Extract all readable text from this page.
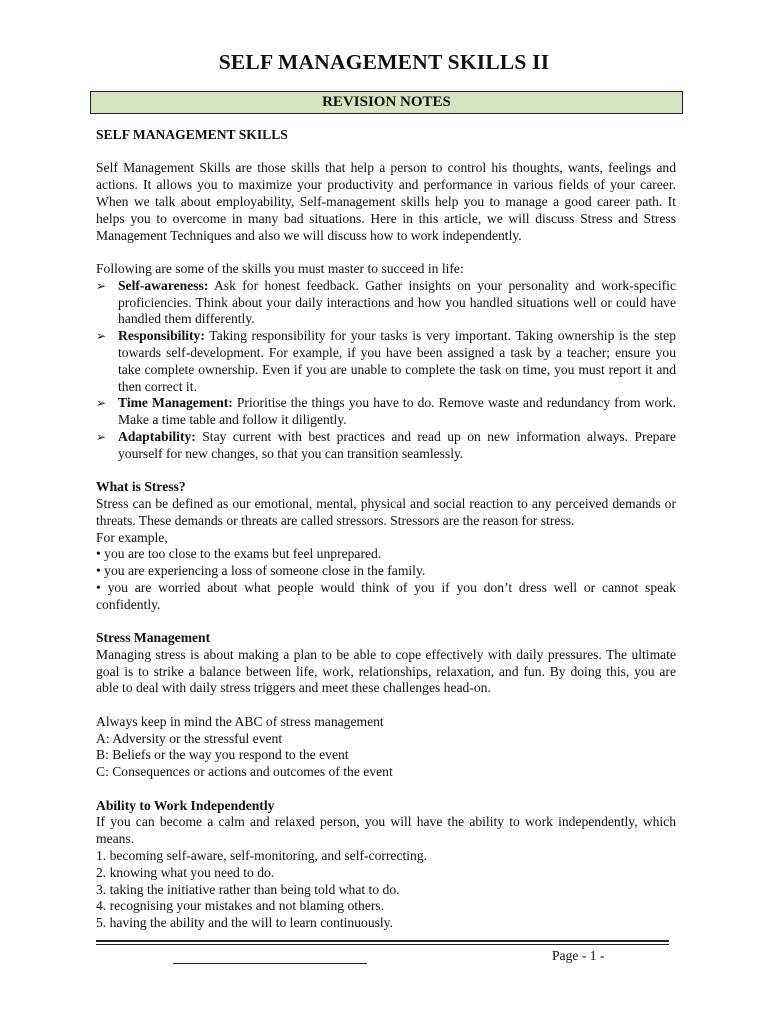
SELF MANAGEMENT SKILLS II
REVISION NOTES

SELF MANAGEMENT SKILLS

Self Management Skills are those skills that help a person to control his thoughts, wants, feelings and actions. It allows you to maximize your productivity and performance in various fields of your career. When we talk about employability, Self-management skills help you to manage a good career path. It helps you to overcome in many bad situations. Here in this article, we will discuss Stress and Stress Management Techniques and also we will discuss how to work independently.

Following are some of the skills you must master to succeed in life:

➢ Self-awareness: Ask for honest feedback. Gather insights on your personality and work-specific proficiencies. Think about your daily interactions and how you handled situations well or could have handled them differently.
➢ Responsibility: Taking responsibility for your tasks is very important. Taking ownership is the step towards self-development. For example, if you have been assigned a task by a teacher; ensure you take complete ownership. Even if you are unable to complete the task on time, you must report it and then correct it.
➢ Time Management: Prioritise the things you have to do. Remove waste and redundancy from work. Make a time table and follow it diligently.
➢ Adaptability: Stay current with best practices and read up on new information always. Prepare yourself for new changes, so that you can transition seamlessly.

What is Stress?

Stress can be defined as our emotional, mental, physical and social reaction to any perceived demands or threats. These demands or threats are called stressors. Stressors are the reason for stress.

For example,

• you are too close to the exams but feel unprepared.

• you are experiencing a loss of someone close in the family.

• you are worried about what people would think of you if you don’t dress well or cannot speak confidently.

Stress Management

Managing stress is about making a plan to be able to cope effectively with daily pressures. The ultimate goal is to strike a balance between life, work, relationships, relaxation, and fun. By doing this, you are able to deal with daily stress triggers and meet these challenges head-on.

Always keep in mind the ABC of stress management

A: Adversity or the stressful event

B: Beliefs or the way you respond to the event

C: Consequences or actions and outcomes of the event

Ability to Work Independently

If you can become a calm and relaxed person, you will have the ability to work independently, which means.

1. becoming self-aware, self-monitoring, and self-correcting.

2. knowing what you need to do.

3. taking the initiative rather than being told what to do.

4. recognising your mistakes and not blaming others.

5. having the ability and the will to learn continuously.

Page - 1 -
